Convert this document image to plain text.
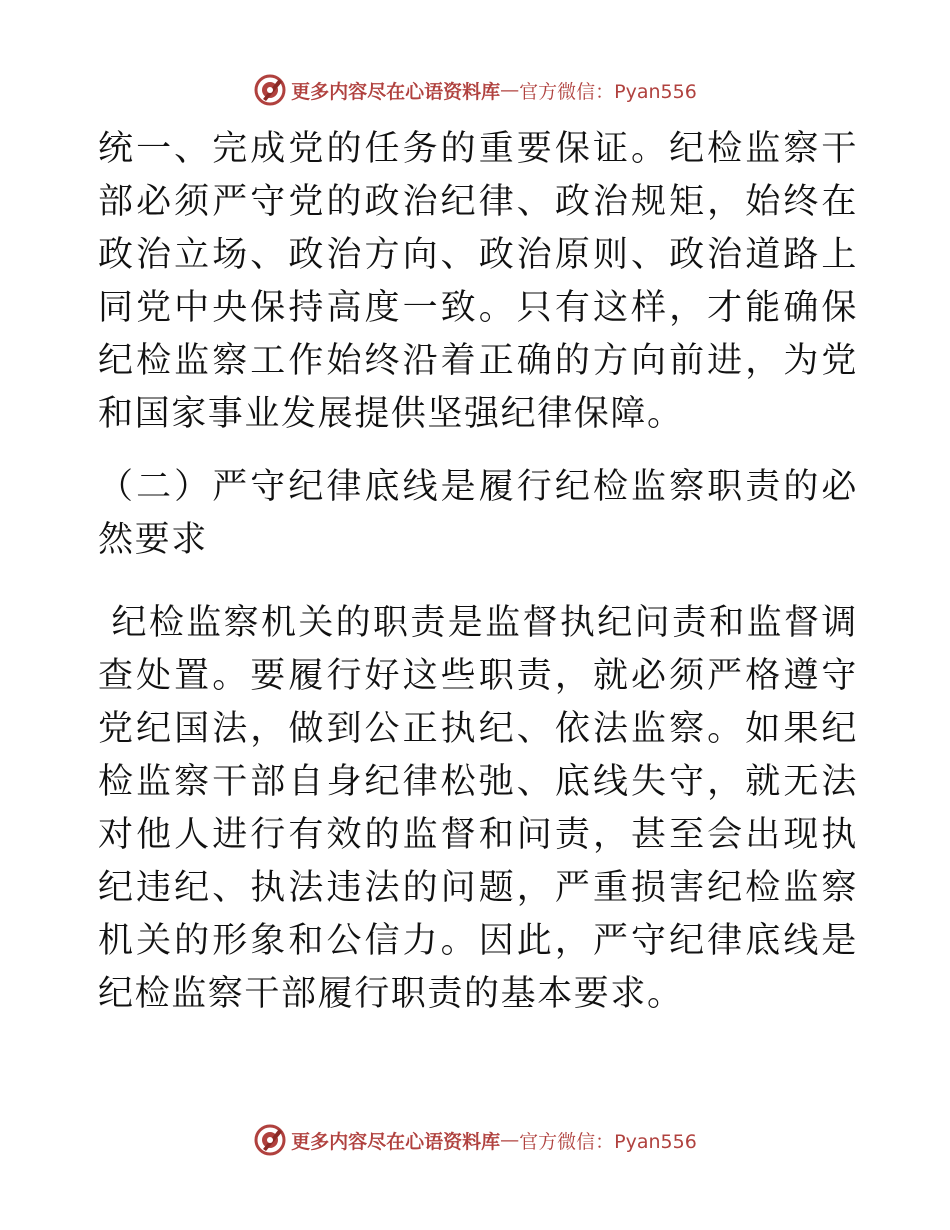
更多内容尽在心语资料库 — 官方微信：Pyan556

统一、完成党的任务的重要保证。纪检监察干部必须严守党的政治纪律、政治规矩，始终在政治立场、政治方向、政治原则、政治道路上同党中央保持高度一致。只有这样，才能确保纪检监察工作始终沿着正确的方向前进，为党和国家事业发展提供坚强纪律保障。

（二）严守纪律底线是履行纪检监察职责的必然要求

纪检监察机关的职责是监督执纪问责和监督调查处置。要履行好这些职责，就必须严格遵守党纪国法，做到公正执纪、依法监察。如果纪检监察干部自身纪律松弛、底线失守，就无法对他人进行有效的监督和问责，甚至会出现执纪违纪、执法违法的问题，严重损害纪检监察机关的形象和公信力。因此，严守纪律底线是纪检监察干部履行职责的基本要求。

更多内容尽在心语资料库 — 官方微信：Pyan556
